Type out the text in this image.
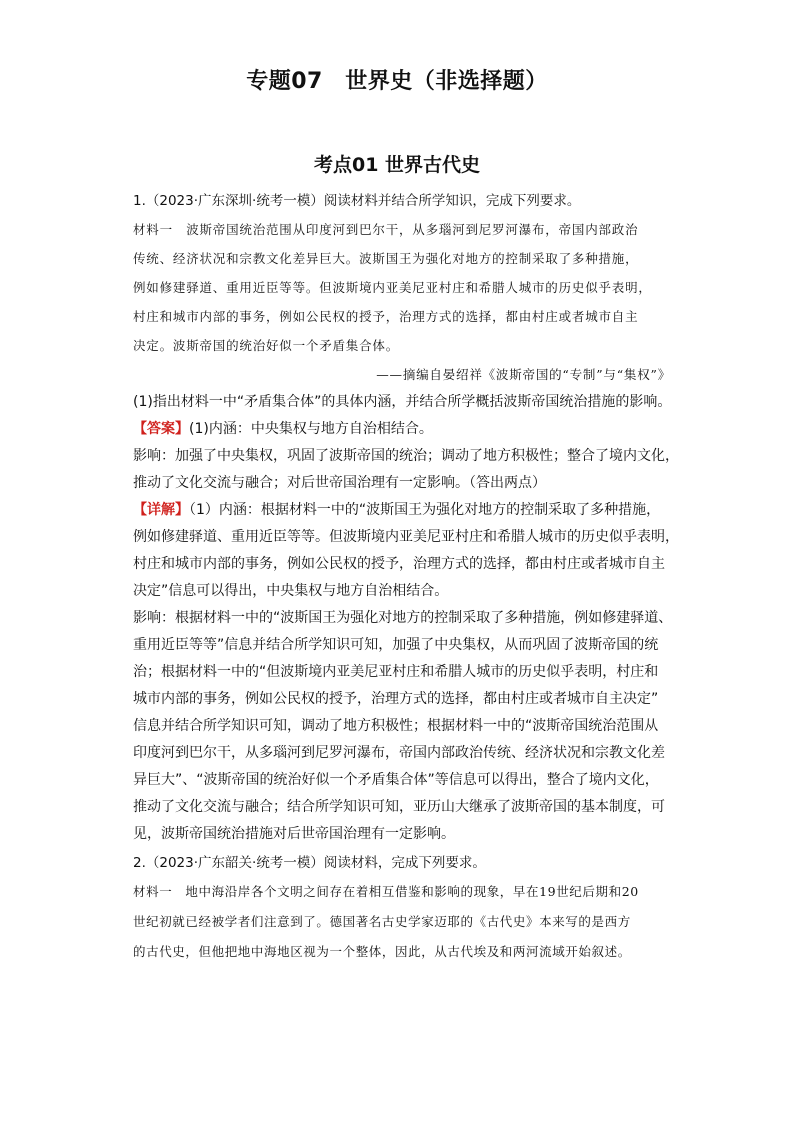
专题07　世界史（非选择题）
考点01 世界古代史
1.（2023·广东深圳·统考一模）阅读材料并结合所学知识，完成下列要求。
材料一　波斯帝国统治范围从印度河到巴尔干，从多瑙河到尼罗河瀑布，帝国内部政治
传统、经济状况和宗教文化差异巨大。波斯国王为强化对地方的控制采取了多种措施，
例如修建驿道、重用近臣等等。但波斯境内亚美尼亚村庄和希腊人城市的历史似乎表明，
村庄和城市内部的事务，例如公民权的授予，治理方式的选择，都由村庄或者城市自主
决定。波斯帝国的统治好似一个矛盾集合体。
——摘编自晏绍祥《波斯帝国的“专制”与“集权”》
(1)指出材料一中“矛盾集合体”的具体内涵，并结合所学概括波斯帝国统治措施的影响。
【答案】(1)内涵：中央集权与地方自治相结合。
影响：加强了中央集权，巩固了波斯帝国的统治；调动了地方积极性；整合了境内文化，
推动了文化交流与融合；对后世帝国治理有一定影响。（答出两点）
【详解】（1）内涵：根据材料一中的“波斯国王为强化对地方的控制采取了多种措施，
例如修建驿道、重用近臣等等。但波斯境内亚美尼亚村庄和希腊人城市的历史似乎表明，
村庄和城市内部的事务，例如公民权的授予，治理方式的选择，都由村庄或者城市自主
决定”信息可以得出，中央集权与地方自治相结合。
影响：根据材料一中的“波斯国王为强化对地方的控制采取了多种措施，例如修建驿道、
重用近臣等等”信息并结合所学知识可知，加强了中央集权，从而巩固了波斯帝国的统
治；根据材料一中的“但波斯境内亚美尼亚村庄和希腊人城市的历史似乎表明，村庄和
城市内部的事务，例如公民权的授予，治理方式的选择，都由村庄或者城市自主决定”
信息并结合所学知识可知，调动了地方积极性；根据材料一中的“波斯帝国统治范围从
印度河到巴尔干，从多瑙河到尼罗河瀑布，帝国内部政治传统、经济状况和宗教文化差
异巨大”、“波斯帝国的统治好似一个矛盾集合体”等信息可以得出，整合了境内文化，
推动了文化交流与融合；结合所学知识可知，亚历山大继承了波斯帝国的基本制度，可
见，波斯帝国统治措施对后世帝国治理有一定影响。
2.（2023·广东韶关·统考一模）阅读材料，完成下列要求。
材料一　地中海沿岸各个文明之间存在着相互借鉴和影响的现象，早在19世纪后期和20
世纪初就已经被学者们注意到了。德国著名古史学家迈耶的《古代史》本来写的是西方
的古代史，但他把地中海地区视为一个整体，因此，从古代埃及和两河流域开始叙述。
